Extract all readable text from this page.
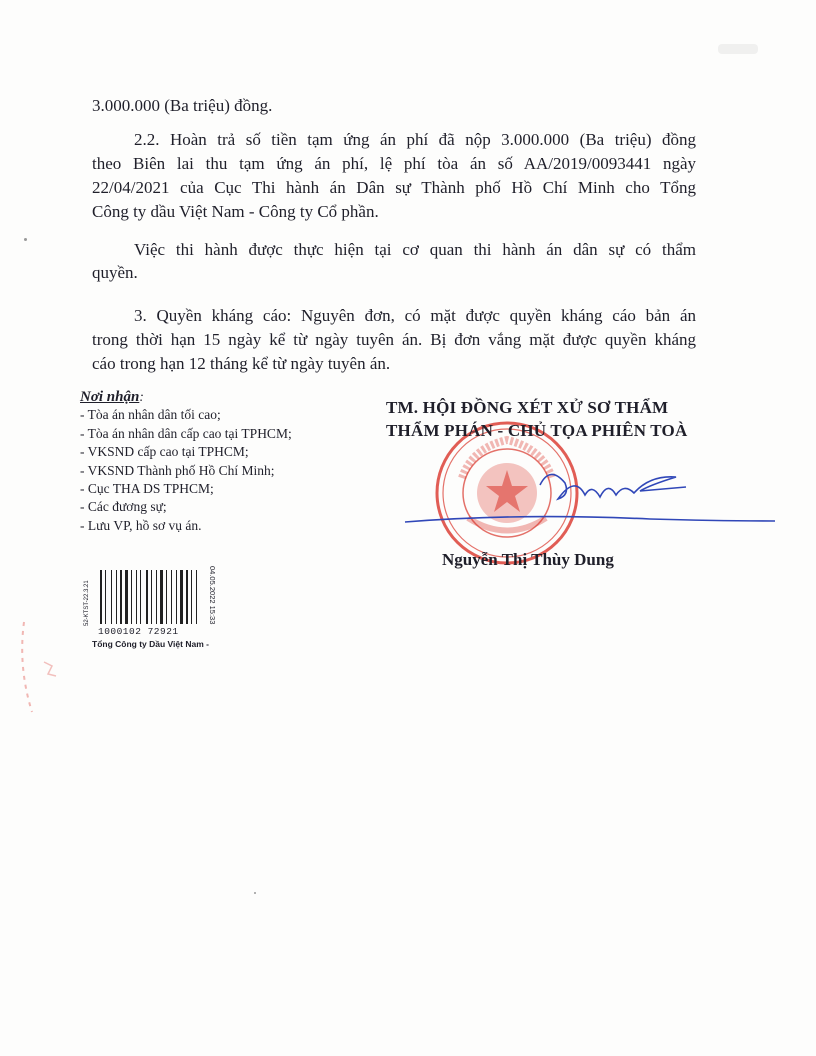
3.000.000 (Ba triệu) đồng.
2.2. Hoàn trả số tiền tạm ứng án phí đã nộp 3.000.000 (Ba triệu) đồng
theo Biên lai thu tạm ứng án phí, lệ phí tòa án số AA/2019/0093441 ngày
22/04/2021 của Cục Thi hành án Dân sự Thành phố Hồ Chí Minh cho Tổng
Công ty dầu Việt Nam - Công ty Cổ phần.
Việc thi hành được thực hiện tại cơ quan thi hành án dân sự có thẩm
quyền.
3. Quyền kháng cáo: Nguyên đơn, có mặt được quyền kháng cáo bản án
trong thời hạn 15 ngày kể từ ngày tuyên án. Bị đơn vắng mặt được quyền kháng
cáo trong hạn 12 tháng kể từ ngày tuyên án.
Nơi nhận:
- Tòa án nhân dân tối cao;
- Tòa án nhân dân cấp cao tại TPHCM;
- VKSND cấp cao tại TPHCM;
- VKSND Thành phố Hồ Chí Minh;
- Cục THA DS TPHCM;
- Các đương sự;
- Lưu VP, hồ sơ vụ án.
TM. HỘI ĐỒNG XÉT XỬ SƠ THẨM
THẨM PHÁN - CHỦ TỌA PHIÊN TOÀ
Nguyễn Thị Thùy Dung
1000102 72921
52-KTST-22.3.21	04.05.2022 15:33
Tổng Công ty Dầu Việt Nam -
